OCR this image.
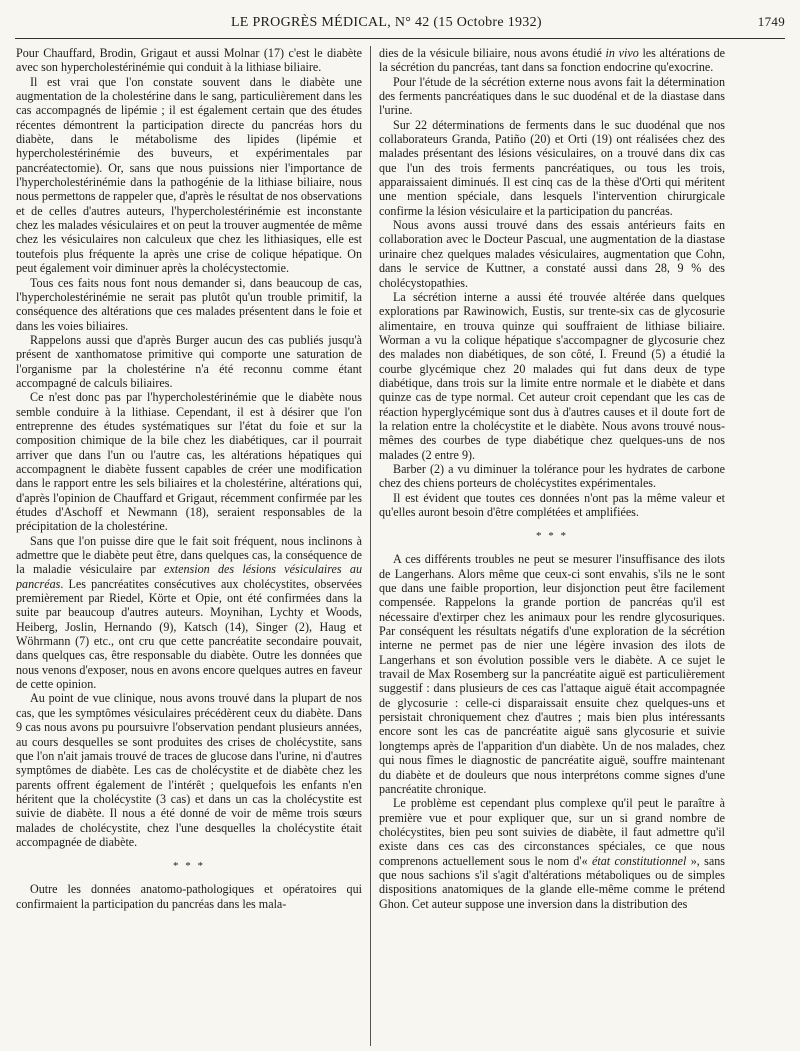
LE PROGRÈS MÉDICAL, N° 42 (15 Octobre 1932)	1749

Pour Chauffard, Brodin, Grigaut et aussi Molnar (17) c'est le diabète avec son hypercholestérinémie qui conduit à la lithiase biliaire.

Il est vrai que l'on constate souvent dans le diabète une augmentation de la cholestérine dans le sang, particulièrement dans les cas accompagnés de lipémie ; il est également certain que des études récentes démontrent la participation directe du pancréas hors du diabète, dans le métabolisme des lipides (lipémie et hypercholestérinémie des buveurs, et expérimentales par pancréatectomie). Or, sans que nous puissions nier l'importance de l'hypercholestérinémie dans la pathogénie de la lithiase biliaire, nous nous permettons de rappeler que, d'après le résultat de nos observations et de celles d'autres auteurs, l'hypercholestérinémie est inconstante chez les malades vésiculaires et on peut la trouver augmentée de même chez les vésiculaires non calculeux que chez les lithiasiques, elle est toutefois plus fréquente la après une crise de colique hépatique. On peut également voir diminuer après la cholécystectomie.

Tous ces faits nous font nous demander si, dans beaucoup de cas, l'hypercholestérinémie ne serait pas plutôt qu'un trouble primitif, la conséquence des altérations que ces malades présentent dans le foie et dans les voies biliaires.

Rappelons aussi que d'après Burger aucun des cas publiés jusqu'à présent de xanthomatose primitive qui comporte une saturation de l'organisme par la cholestérine n'a été reconnu comme étant accompagné de calculs biliaires.

Ce n'est donc pas par l'hypercholestérinémie que le diabète nous semble conduire à la lithiase. Cependant, il est à désirer que l'on entreprenne des études systématiques sur l'état du foie et sur la composition chimique de la bile chez les diabétiques, car il pourrait arriver que dans l'un ou l'autre cas, les altérations hépatiques qui accompagnent le diabète fussent capables de créer une modification dans le rapport entre les sels biliaires et la cholestérine, altérations qui, d'après l'opinion de Chauffard et Grigaut, récemment confirmée par les études d'Aschoff et Newmann (18), seraient responsables de la précipitation de la cholestérine.

Sans que l'on puisse dire que le fait soit fréquent, nous inclinons à admettre que le diabète peut être, dans quelques cas, la conséquence de la maladie vésiculaire par extension des lésions vésiculaires au pancréas. Les pancréatites consécutives aux cholécystites, observées premièrement par Riedel, Körte et Opie, ont été confirmées dans la suite par beaucoup d'autres auteurs. Moynihan, Lychty et Woods, Heiberg, Joslin, Hernando (9), Katsch (14), Singer (2), Haug et Wöhrmann (7) etc., ont cru que cette pancréatite secondaire pouvait, dans quelques cas, être responsable du diabète. Outre les données que nous venons d'exposer, nous en avons encore quelques autres en faveur de cette opinion.

Au point de vue clinique, nous avons trouvé dans la plupart de nos cas, que les symptômes vésiculaires précédèrent ceux du diabète. Dans 9 cas nous avons pu poursuivre l'observation pendant plusieurs années, au cours desquelles se sont produites des crises de cholécystite, sans que l'on n'ait jamais trouvé de traces de glucose dans l'urine, ni d'autres symptômes de diabète. Les cas de cholécystite et de diabète chez les parents offrent également de l'intérêt ; quelquefois les enfants n'en héritent que la cholécystite (3 cas) et dans un cas la cholécystite est suivie de diabète. Il nous a été donné de voir de même trois sœurs malades de cholécystite, chez l'une desquelles la cholécystite était accompagnée de diabète.

* * *

Outre les données anatomo-pathologiques et opératoires qui confirmaient la participation du pancréas dans les mala-

dies de la vésicule biliaire, nous avons étudié in vivo les altérations de la sécrétion du pancréas, tant dans sa fonction endocrine qu'exocrine.

Pour l'étude de la sécrétion externe nous avons fait la détermination des ferments pancréatiques dans le suc duodénal et de la diastase dans l'urine.

Sur 22 déterminations de ferments dans le suc duodénal que nos collaborateurs Granda, Patiño (20) et Orti (19) ont réalisées chez des malades présentant des lésions vésiculaires, on a trouvé dans dix cas que l'un des trois ferments pancréatiques, ou tous les trois, apparaissaient diminués. Il est cinq cas de la thèse d'Orti qui méritent une mention spéciale, dans lesquels l'intervention chirurgicale confirme la lésion vésiculaire et la participation du pancréas.

Nous avons aussi trouvé dans des essais antérieurs faits en collaboration avec le Docteur Pascual, une augmentation de la diastase urinaire chez quelques malades vésiculaires, augmentation que Cohn, dans le service de Kuttner, a constaté aussi dans 28, 9 % des cholécystopathies.

La sécrétion interne a aussi été trouvée altérée dans quelques explorations par Rawinowich, Eustis, sur trente-six cas de glycosurie alimentaire, en trouva quinze qui souffraient de lithiase biliaire. Worman a vu la colique hépatique s'accompagner de glycosurie chez des malades non diabétiques, de son côté, I. Freund (5) a étudié la courbe glycémique chez 20 malades qui fut dans deux de type diabétique, dans trois sur la limite entre normale et le diabète et dans quinze cas de type normal. Cet auteur croit cependant que les cas de réaction hyperglycémique sont dus à d'autres causes et il doute fort de la relation entre la cholécystite et le diabète. Nous avons trouvé nous-mêmes des courbes de type diabétique chez quelques-uns de nos malades (2 entre 9).

Barber (2) a vu diminuer la tolérance pour les hydrates de carbone chez des chiens porteurs de cholécystites expérimentales.

Il est évident que toutes ces données n'ont pas la même valeur et qu'elles auront besoin d'être complétées et amplifiées.

* * *

A ces différents troubles ne peut se mesurer l'insuffisance des ilots de Langerhans. Alors même que ceux-ci sont envahis, s'ils ne le sont que dans une faible proportion, leur disjonction peut être facilement compensée. Rappelons la grande portion de pancréas qu'il est nécessaire d'extirper chez les animaux pour les rendre glycosuriques. Par conséquent les résultats négatifs d'une exploration de la sécrétion interne ne permet pas de nier une légère invasion des ilots de Langerhans et son évolution possible vers le diabète. A ce sujet le travail de Max Rosemberg sur la pancréatite aiguë est particulièrement suggestif : dans plusieurs de ces cas l'attaque aiguë était accompagnée de glycosurie : celle-ci disparaissait ensuite chez quelques-uns et persistait chroniquement chez d'autres ; mais bien plus intéressants encore sont les cas de pancréatite aiguë sans glycosurie et suivie longtemps après de l'apparition d'un diabète. Un de nos malades, chez qui nous fîmes le diagnostic de pancréatite aiguë, souffre maintenant du diabète et de douleurs que nous interprétons comme signes d'une pancréatite chronique.

Le problème est cependant plus complexe qu'il peut le paraître à première vue et pour expliquer que, sur un si grand nombre de cholécystites, bien peu sont suivies de diabète, il faut admettre qu'il existe dans ces cas des circonstances spéciales, ce que nous comprenons actuellement sous le nom d'« état constitutionnel », sans que nous sachions s'il s'agit d'altérations métaboliques ou de simples dispositions anatomiques de la glande elle-même comme le prétend Ghon. Cet auteur suppose une inversion dans la distribution des
